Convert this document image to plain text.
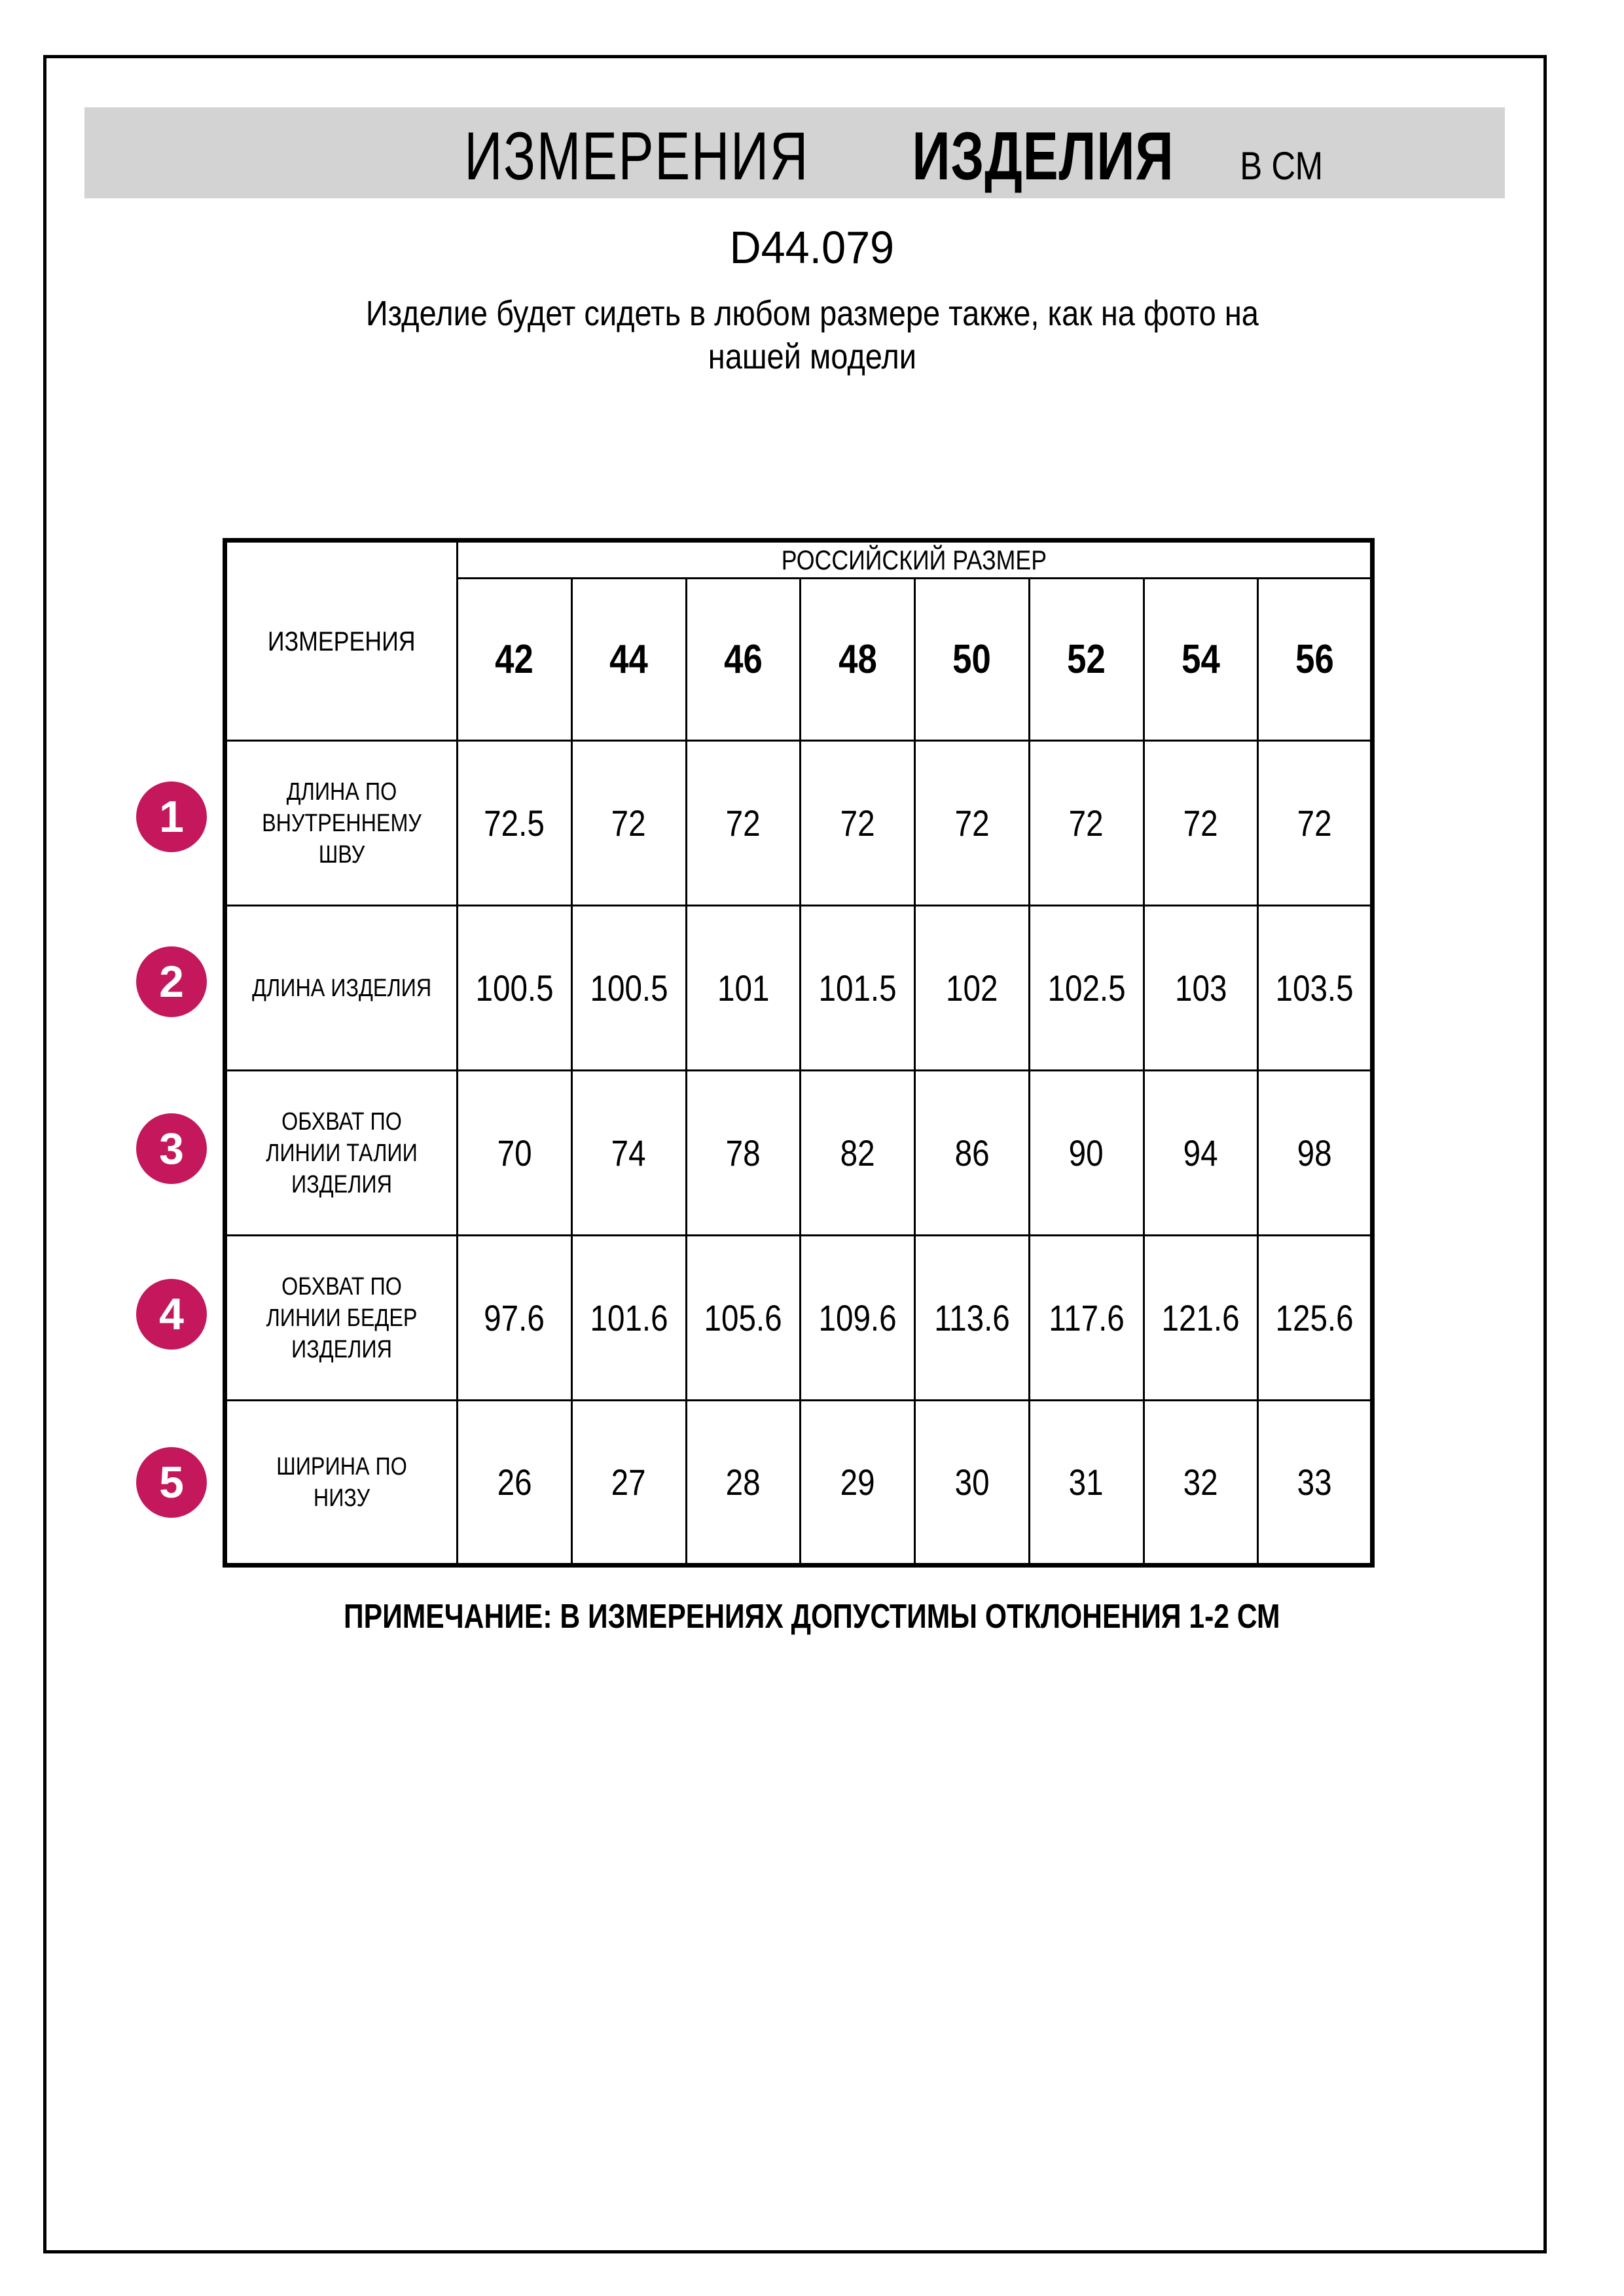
ИЗМЕРЕНИЯ ИЗДЕЛИЯ В СМ
D44.079
Изделие будет сидеть в любом размере также, как на фото на
нашей модели
1
2
3
4
5
ИЗМЕРЕНИЯ	РОССИЙСКИЙ РАЗМЕР							
	42	44	46	48	50	52	54	56
ДЛИНА ПО ВНУТРЕННЕМУ ШВУ	72.5	72	72	72	72	72	72	72
ДЛИНА ИЗДЕЛИЯ	100.5	100.5	101	101.5	102	102.5	103	103.5
ОБХВАТ ПО ЛИНИИ ТАЛИИ ИЗДЕЛИЯ	70	74	78	82	86	90	94	98
ОБХВАТ ПО ЛИНИИ БЕДЕР ИЗДЕЛИЯ	97.6	101.6	105.6	109.6	113.6	117.6	121.6	125.6
ШИРИНА ПО НИЗУ	26	27	28	29	30	31	32	33
ПРИМЕЧАНИЕ: В ИЗМЕРЕНИЯХ ДОПУСТИМЫ ОТКЛОНЕНИЯ 1-2 СМ
